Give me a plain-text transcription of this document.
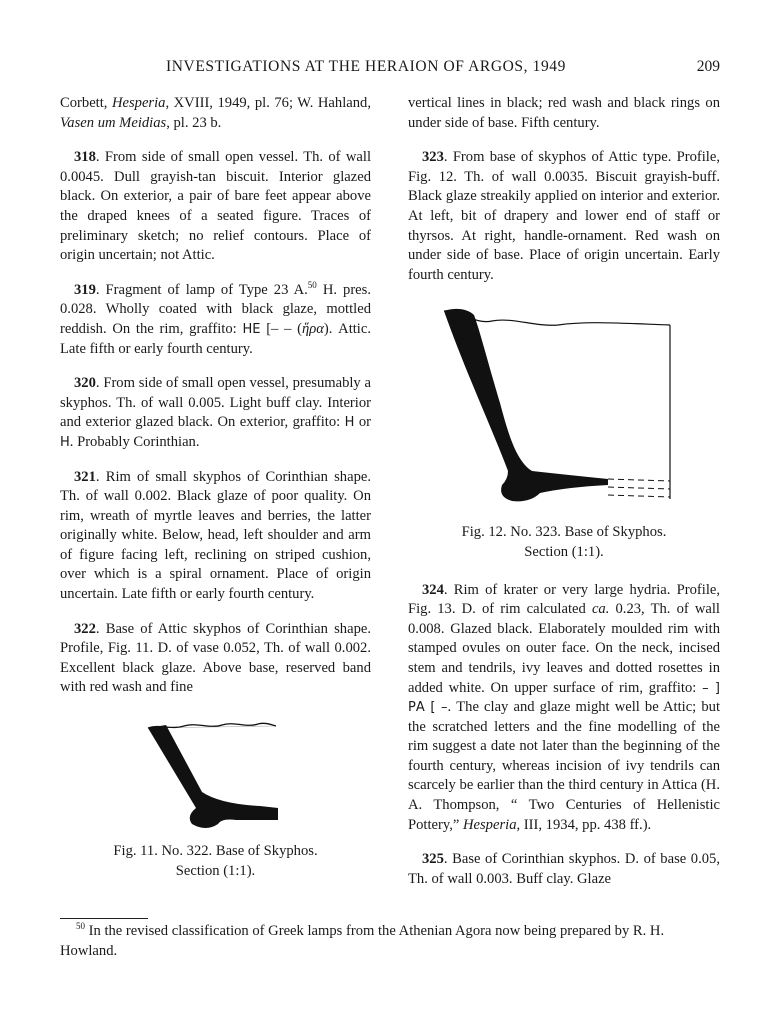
INVESTIGATIONS AT THE HERAION OF ARGOS, 1949	209

Corbett, Hesperia, XVIII, 1949, pl. 76; W. Hahland, Vasen um Meidias, pl. 23 b.

318. From side of small open vessel. Th. of wall 0.0045. Dull grayish-tan biscuit. Interior glazed black. On exterior, a pair of bare feet appear above the draped knees of a seated figure. Traces of preliminary sketch; no relief contours. Place of origin uncertain; not Attic.

319. Fragment of lamp of Type 23 A.$^{50}$ H. pres. 0.028. Wholly coated with black glaze, mottled reddish. On the rim, graffito: ΗΕ [– – (ἥρα). Attic. Late fifth or early fourth century.

320. From side of small open vessel, presumably a skyphos. Th. of wall 0.005. Light buff clay. Interior and exterior glazed black. On exterior, graffito: Η or Η. Probably Corinthian.

321. Rim of small skyphos of Corinthian shape. Th. of wall 0.002. Black glaze of poor quality. On rim, wreath of myrtle leaves and berries, the latter originally white. Below, head, left shoulder and arm of figure facing left, reclining on striped cushion, over which is a spiral ornament. Place of origin uncertain. Late fifth or early fourth century.

322. Base of Attic skyphos of Corinthian shape. Profile, Fig. 11. D. of vase 0.052, Th. of wall 0.002. Excellent black glaze. Above base, reserved band with red wash and fine

Fig. 11. No. 322. Base of Skyphos.
Section (1:1).

vertical lines in black; red wash and black rings on under side of base. Fifth century.

323. From base of skyphos of Attic type. Profile, Fig. 12. Th. of wall 0.0035. Biscuit grayish-buff. Black glaze streakily applied on interior and exterior. At left, bit of drapery and lower end of staff or thyrsos. At right, handle-ornament. Red wash on under side of base. Place of origin uncertain. Early fourth century.

Fig. 12. No. 323. Base of Skyphos.
Section (1:1).

324. Rim of krater or very large hydria. Profile, Fig. 13. D. of rim calculated ca. 0.23, Th. of wall 0.008. Glazed black. Elaborately moulded rim with stamped ovules on outer face. On the neck, incised stem and tendrils, ivy leaves and dotted rosettes in added white. On upper surface of rim, graffito: – ] ΡΑ [ –. The clay and glaze might well be Attic; but the scratched letters and the fine modelling of the rim suggest a date not later than the beginning of the fourth century, whereas incision of ivy tendrils can scarcely be earlier than the third century in Attica (H. A. Thompson, “ Two Centuries of Hellenistic Pottery,” Hesperia, III, 1934, pp. 438 ff.).

325. Base of Corinthian skyphos. D. of base 0.05, Th. of wall 0.003. Buff clay. Glaze

$^{50}$ In the revised classification of Greek lamps from the Athenian Agora now being prepared by R. H. Howland.
